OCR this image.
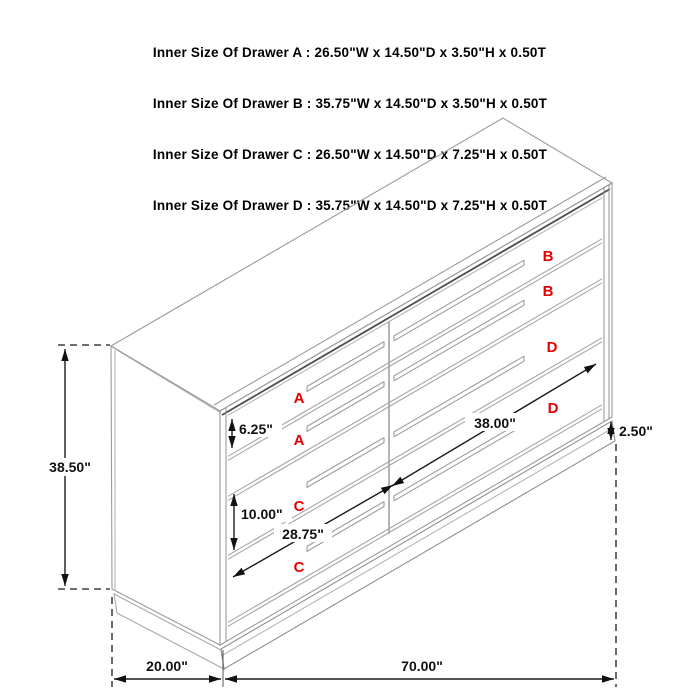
Inner Size Of Drawer A : 26.50"W x 14.50"D x 3.50"H x 0.50T

Inner Size Of Drawer B : 35.75"W x 14.50"D x 3.50"H x 0.50T

Inner Size Of Drawer C : 26.50"W x 14.50"D x 7.25"H x 0.50T

Inner Size Of Drawer D : 35.75"W x 14.50"D x 7.25"H x 0.50T

38.50"
20.00"	70.00"
6.25"
10.00"
28.75"
38.00"	2.50"
A
A
C
C
B
B
D
D
